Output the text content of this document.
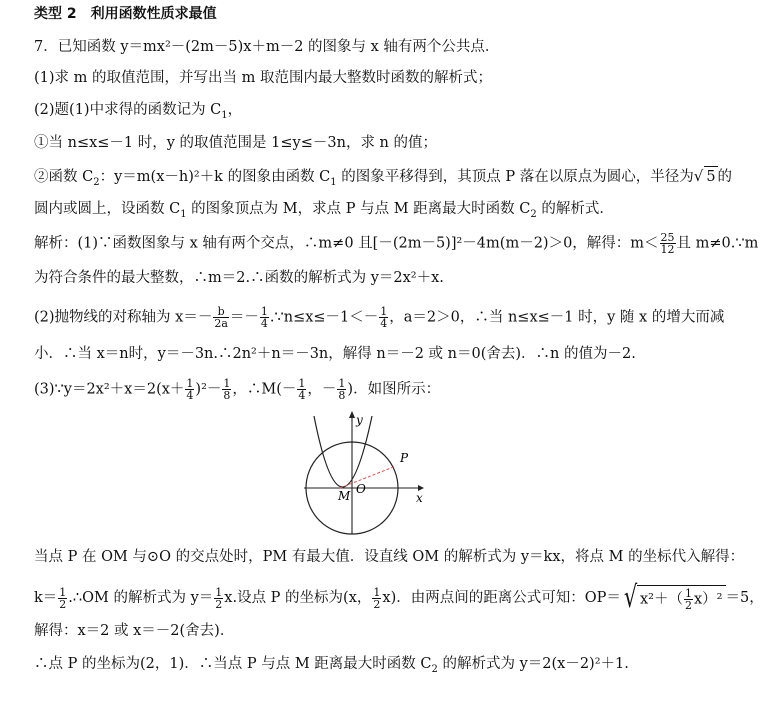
类型 2 利用函数性质求最值
7．已知函数 y＝mx²－(2m－5)x＋m－2 的图象与 x 轴有两个公共点．
(1)求 m 的取值范围，并写出当 m 取范围内最大整数时函数的解析式；
(2)题(1)中求得的函数记为 $C_1$，
①当 n≤x≤－1 时，y 的取值范围是 1≤y≤－3n，求 n 的值；
②函数 $C_2$：y＝m(x－h)²＋k 的图象由函数 $C_1$ 的图象平移得到，其顶点 P 落在以原点为圆心，半径为√ 5 的
圆内或圆上，设函数 $C_1$ 的图象顶点为 M，求点 P 与点 M 距离最大时函数 $C_2$ 的解析式．
解析：(1)∵函数图象与 x 轴有两个交点，∴m≠0 且[－(2m－5)]²－4m(m－2)＞0，解得：$m< \frac{25}{12}$ 且 m≠0.∵m
为符合条件的最大整数，∴m＝2.∴函数的解析式为 y＝2x²＋x.
(2)抛物线的对称轴为 $x=- \frac{b}{2a} =- \frac{1}{4}$ .∵n≤x≤－1＜－ $\frac{1}{4}$ ，a＝2＞0，∴当 n≤x≤－1 时，y 随 x 的增大而减
小．∴当 x＝n时，y＝－3n.∴2n²＋n＝－3n，解得 n＝－2 或 n＝0(舍去)．∴n 的值为－2.
(3)∵y＝2x²＋x＝2(x＋ $\frac{1}{4} )^2- \frac{1}{8}$ ，∴M(－ $\frac{1}{4}$ ，－ $\frac{1}{8}$ )．如图所示：
y
x
P
M O
当点 P 在 OM 与⊙O 的交点处时，PM 有最大值．设直线 OM 的解析式为 y＝kx，将点 M 的坐标代入解得：
$k= \frac{1}{2}$ .∴OM 的解析式为 $y= \frac{1}{2} x$.设点 P 的坐标为(x， $\frac{1}{2} x$)．由两点间的距离公式可知：OP＝√ $x^2+( \frac{1}{2} x)^2 =5$，
解得：x＝2 或 x＝－2(舍去)．
∴点 P 的坐标为(2，1)．∴当点 P 与点 M 距离最大时函数 $C_2$ 的解析式为 y＝2(x－2)²＋1.
